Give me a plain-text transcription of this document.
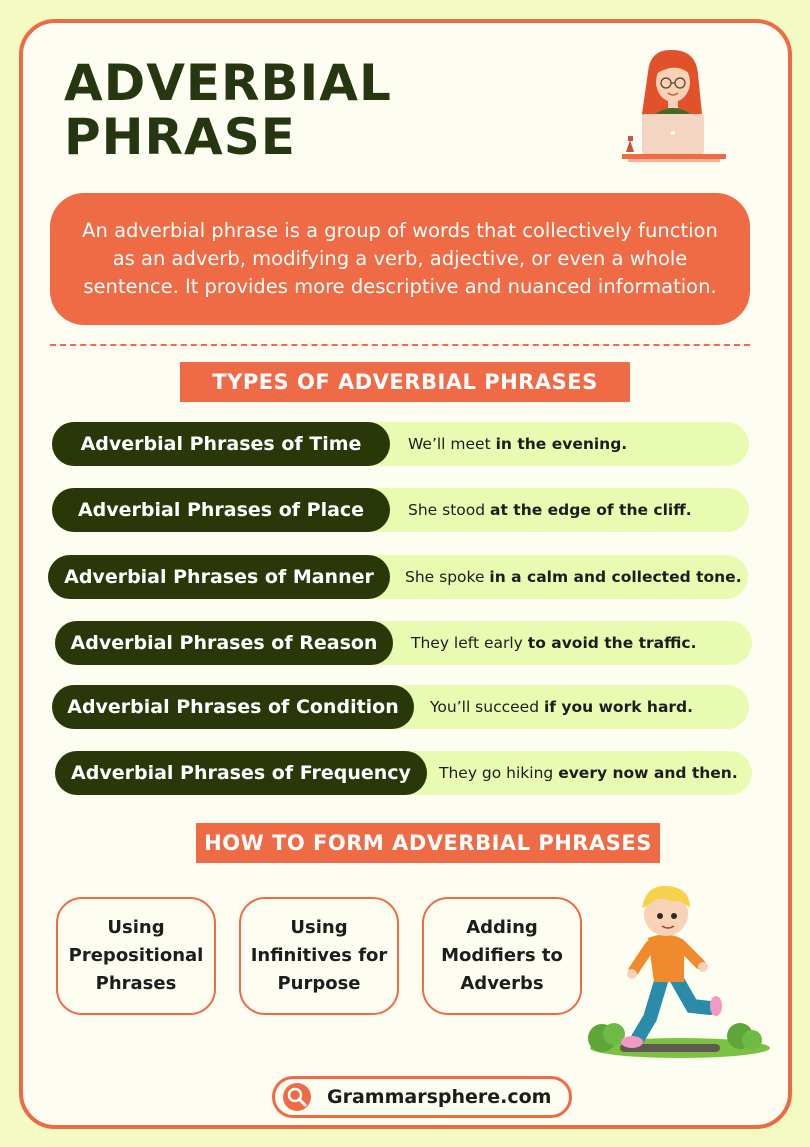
ADVERBIAL
PHRASE
An adverbial phrase is a group of words that collectively function as an adverb, modifying a verb, adjective, or even a whole sentence. It provides more descriptive and nuanced information.
TYPES OF ADVERBIAL PHRASES
Adverbial Phrases of Time	We’ll meet in the evening.
Adverbial Phrases of Place	She stood at the edge of the cliff.
Adverbial Phrases of Manner	She spoke in a calm and collected tone.
Adverbial Phrases of Reason	They left early to avoid the traffic.
Adverbial Phrases of Condition	You’ll succeed if you work hard.
Adverbial Phrases of Frequency	They go hiking every now and then.
HOW TO FORM ADVERBIAL PHRASES
Using
Prepositional
Phrases
Using
Infinitives for
Purpose
Adding
Modifiers to
Adverbs
Grammarsphere.com
